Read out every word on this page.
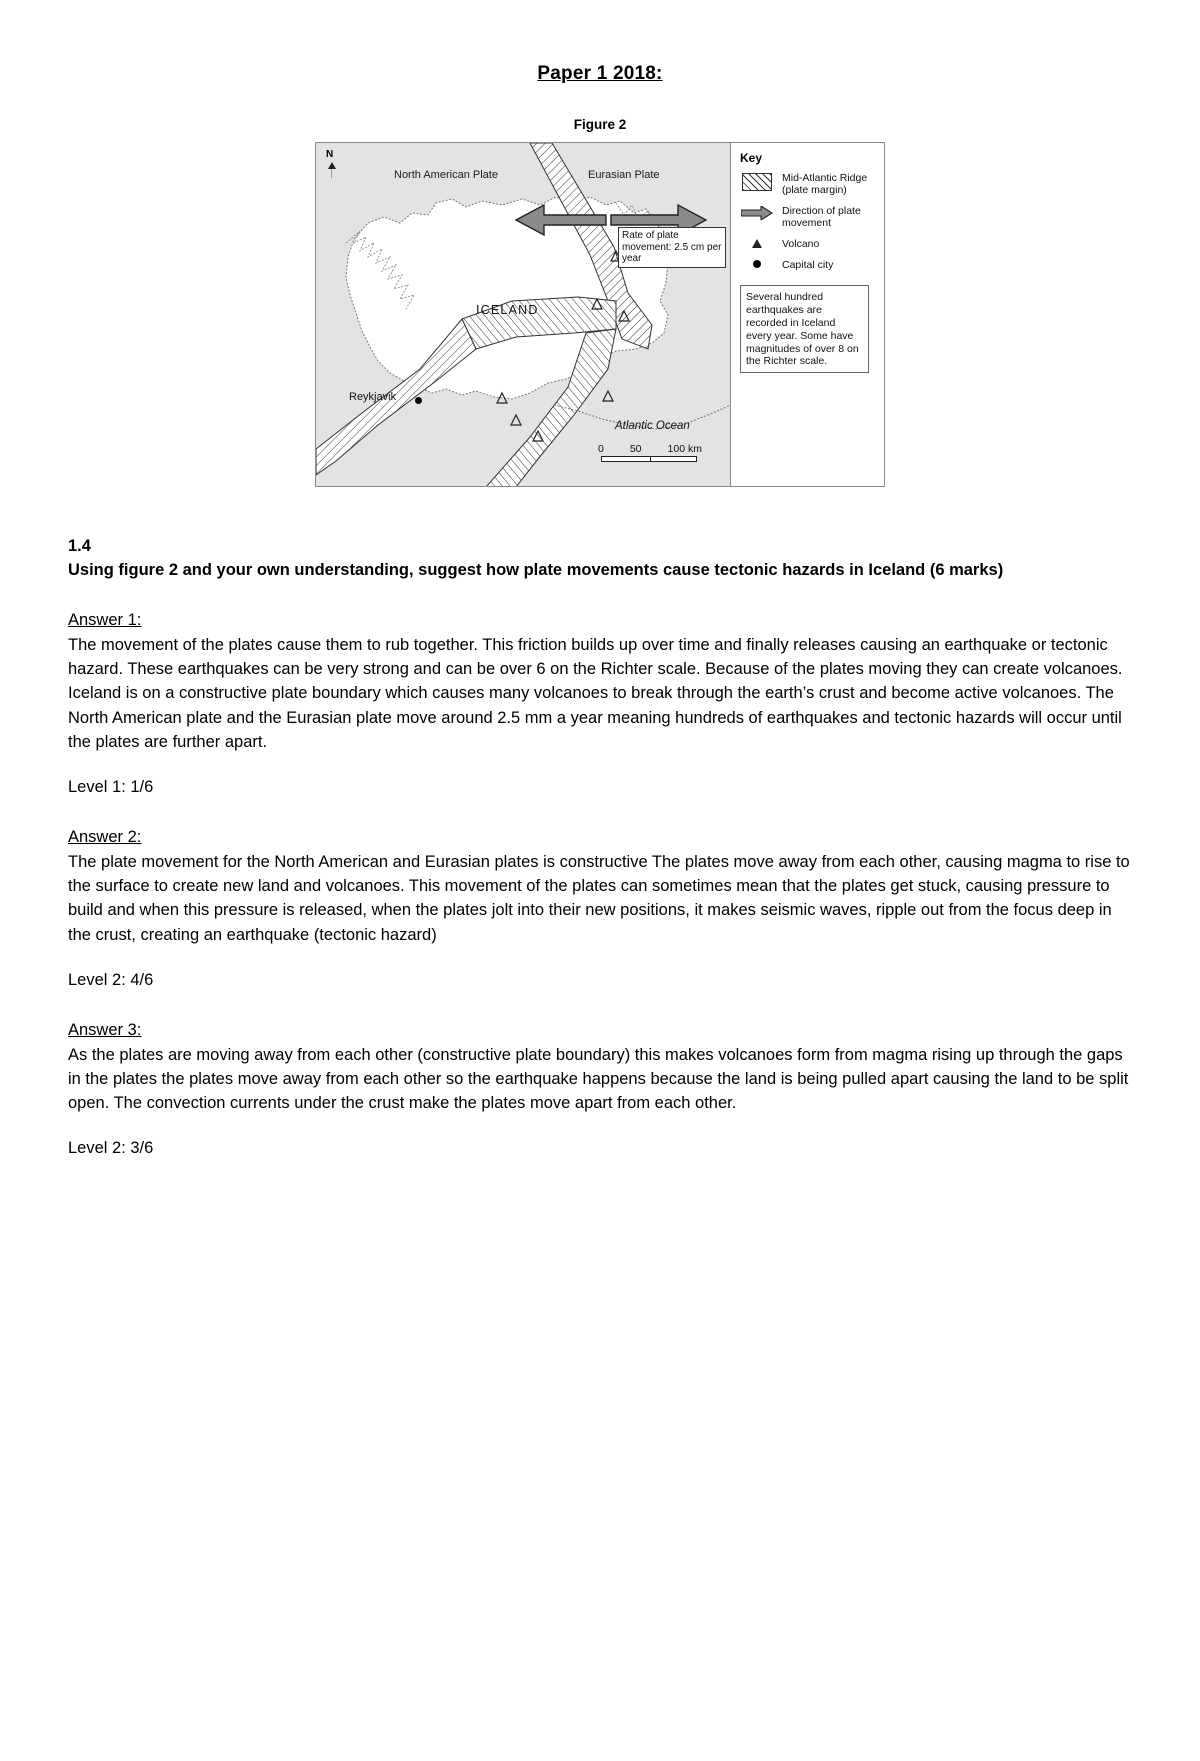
Paper 1 2018:
Figure 2
N
North American Plate	Eurasian Plate
ICELAND
Atlantic Ocean
Reykjavik
Rate of plate movement: 2.5 cm per year
0 50 100 km
Key
Mid-Atlantic Ridge (plate margin)
Direction of plate movement
Volcano
Capital city
Several hundred earthquakes are recorded in Iceland every year. Some have magnitudes of over 8 on the Richter scale.
1.4

Using figure 2 and your own understanding, suggest how plate movements cause tectonic hazards in Iceland (6 marks)

Answer 1:

The movement of the plates cause them to rub together. This friction builds up over time and finally releases causing an earthquake or tectonic hazard. These earthquakes can be very strong and can be over 6 on the Richter scale. Because of the plates moving they can create volcanoes. Iceland is on a constructive plate boundary which causes many volcanoes to break through the earth’s crust and become active volcanoes. The North American plate and the Eurasian plate move around 2.5 mm a year meaning hundreds of earthquakes and tectonic hazards will occur until the plates are further apart.

Level 1: 1/6

Answer 2:

The plate movement for the North American and Eurasian plates is constructive The plates move away from each other, causing magma to rise to the surface to create new land and volcanoes. This movement of the plates can sometimes mean that the plates get stuck, causing pressure to build and when this pressure is released, when the plates jolt into their new positions, it makes seismic waves, ripple out from the focus deep in the crust, creating an earthquake (tectonic hazard)

Level 2: 4/6

Answer 3:

As the plates are moving away from each other (constructive plate boundary) this makes volcanoes form from magma rising up through the gaps in the plates the plates move away from each other so the earthquake happens because the land is being pulled apart causing the land to be split open. The convection currents under the crust make the plates move apart from each other.

Level 2: 3/6
